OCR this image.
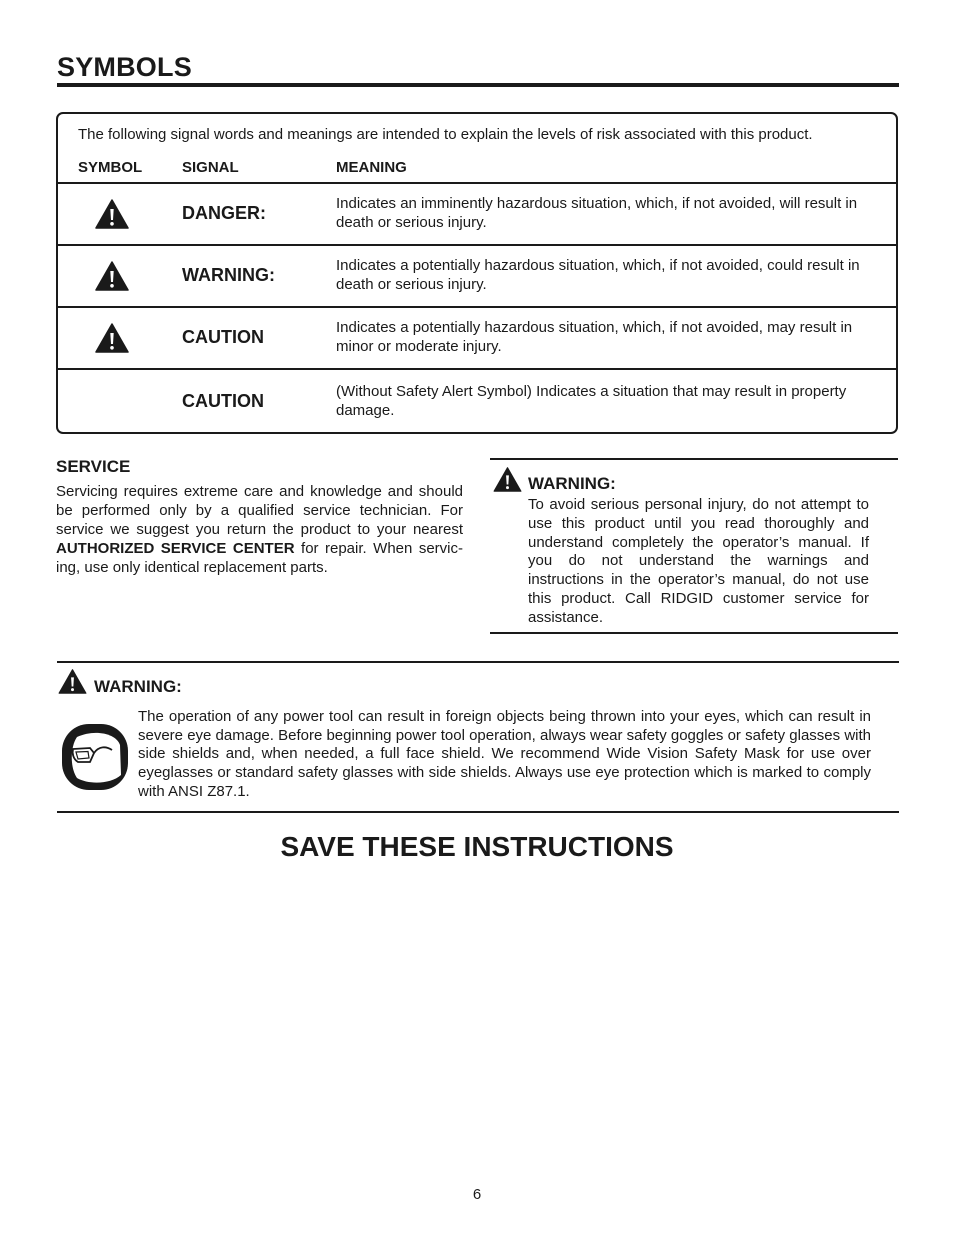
SYMBOLS
The following signal words and meanings are intended to explain the levels of risk associated with this product.
SYMBOL	SIGNAL	MEANING
DANGER:	Indicates an imminently hazardous situation, which, if not avoided, will result in death or serious injury.
WARNING:	Indicates a potentially hazardous situation, which, if not avoided, could result in death or serious injury.
CAUTION	Indicates a potentially hazardous situation, which, if not avoided, may result in minor or moderate injury.
CAUTION	(Without Safety Alert Symbol) Indicates a situation that may result in property damage.
SERVICE

Servicing requires extreme care and knowledge and should be performed only by a qualified service technician. For service we suggest you return the product to your nearest AUTHORIZED SERVICE CENTER for repair. When servic-ing, use only identical replacement parts.

WARNING:

To avoid serious personal injury, do not attempt to use this product until you read thoroughly and understand completely the operator’s manual. If you do not understand the warnings and instructions in the operator’s manual, do not use this product. Call RIDGID customer service for assistance.

WARNING:

The operation of any power tool can result in foreign objects being thrown into your eyes, which can result in severe eye damage. Before beginning power tool operation, always wear safety goggles or safety glasses with side shields and, when needed, a full face shield. We recommend Wide Vision Safety Mask for use over eyeglasses or standard safety glasses with side shields. Always use eye protection which is marked to comply with ANSI Z87.1.

SAVE THESE INSTRUCTIONS
6
